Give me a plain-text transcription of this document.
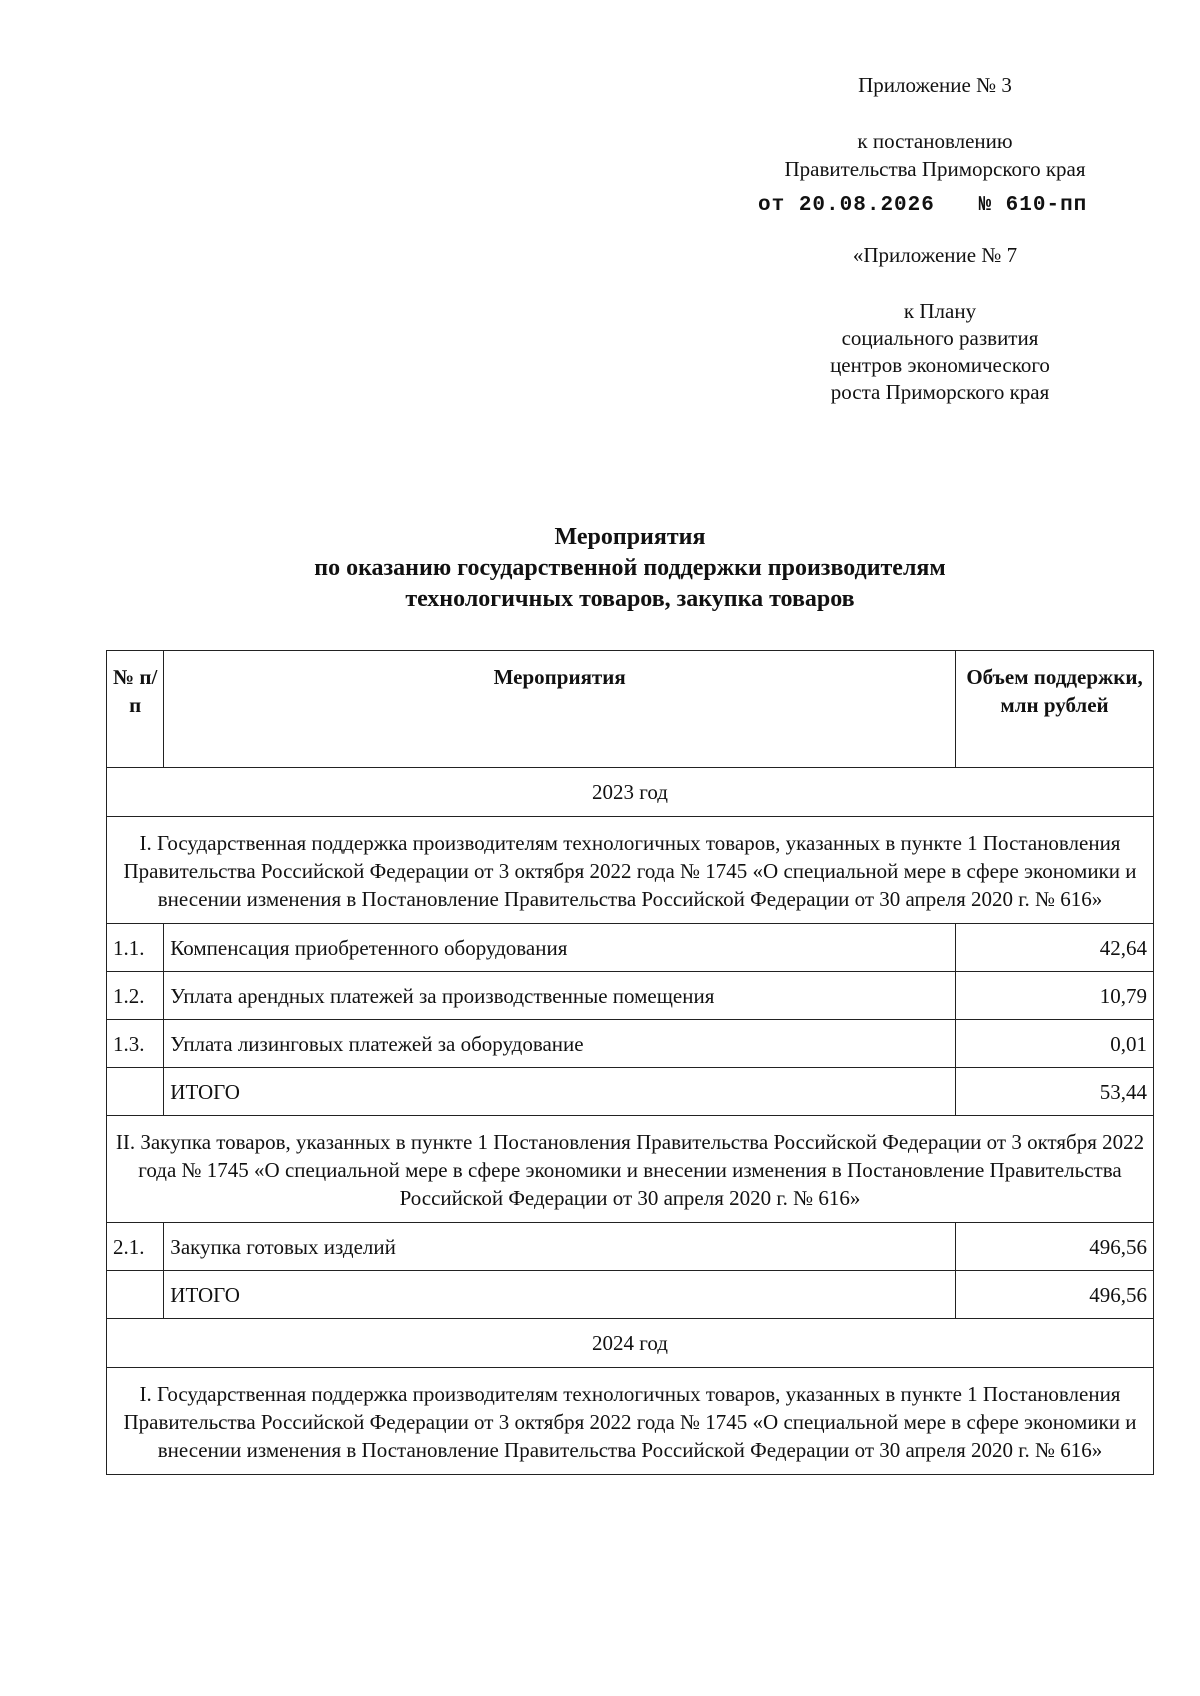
Приложение № 3
к постановлению
Правительства Приморского края
от 20.08.2026 № 610-пп
«Приложение № 7
к Плану
социального развития
центров экономического
роста Приморского края
Мероприятия
по оказанию государственной поддержки производителям
технологичных товаров, закупка товаров
№ п/п	Мероприятия	Объем поддержки, млн рублей
2023 год		
I. Государственная поддержка производителям технологичных товаров, указанных в пункте 1 Постановления Правительства Российской Федерации от 3 октября 2022 года № 1745 «О специальной мере в сфере экономики и внесении изменения в Постановление Правительства Российской Федерации от 30 апреля 2020 г. № 616»		
1.1.	Компенсация приобретенного оборудования	42,64
1.2.	Уплата арендных платежей за производственные помещения	10,79
1.3.	Уплата лизинговых платежей за оборудование	0,01
	ИТОГО	53,44
II. Закупка товаров, указанных в пункте 1 Постановления Правительства Российской Федерации от 3 октября 2022 года № 1745 «О специальной мере в сфере экономики и внесении изменения в Постановление Правительства Российской Федерации от 30 апреля 2020 г. № 616»		
2.1.	Закупка готовых изделий	496,56
	ИТОГО	496,56
2024 год		
I. Государственная поддержка производителям технологичных товаров, указанных в пункте 1 Постановления Правительства Российской Федерации от 3 октября 2022 года № 1745 «О специальной мере в сфере экономики и внесении изменения в Постановление Правительства Российской Федерации от 30 апреля 2020 г. № 616»		
